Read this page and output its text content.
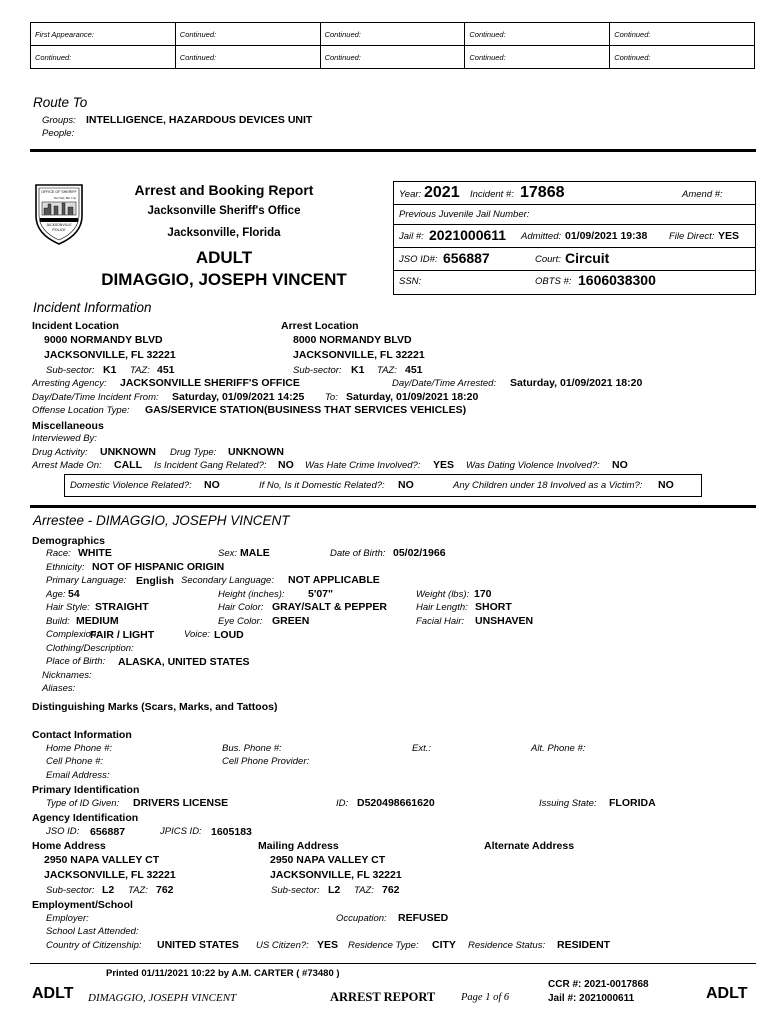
First Appearance:	Continued:	Continued:	Continued:	Continued:
Continued:	Continued:	Continued:	Continued:	Continued:
Route To
Groups: INTELLIGENCE, HAZARDOUS DEVICES UNIT
People:
OFFICE OF SHERIFF
Not Self, But City
JACKSONVILLE
POLICE
Arrest and Booking Report
Jacksonville Sheriff's Office
Jacksonville, Florida
ADULT
DIMAGGIO, JOSEPH VINCENT
Year: 2021 Incident #: 17868	Amend #:
Previous Juvenile Jail Number:
Jail #: 2021000611 Admitted: 01/09/2021 19:38 File Direct: YES
JSO ID#: 656887	Court: Circuit
SSN:	OBTS #: 1606038300
Incident Information
Incident Location
9000 NORMANDY BLVD
JACKSONVILLE, FL 32221
Arrest Location
8000 NORMANDY BLVD
JACKSONVILLE, FL 32221
Sub-sector: K1 TAZ: 451	Sub-sector: K1 TAZ: 451
Arresting Agency: JACKSONVILLE SHERIFF'S OFFICE	Day/Date/Time Arrested: Saturday, 01/09/2021 18:20
Day/Date/Time Incident From: Saturday, 01/09/2021 14:25 To: Saturday, 01/09/2021 18:20
Offense Location Type: GAS/SERVICE STATION(BUSINESS THAT SERVICES VEHICLES)
Miscellaneous
Interviewed By:
Drug Activity: UNKNOWN Drug Type: UNKNOWN
Arrest Made On: CALL Is Incident Gang Related?: NO Was Hate Crime Involved?: YES Was Dating Violence Involved?: NO
Domestic Violence Related?: NO	If No, Is it Domestic Related?: NO	Any Children under 18 Involved as a Victim?: NO
Arrestee - DIMAGGIO, JOSEPH VINCENT
Demographics
Race: WHITE	Sex: MALE	Date of Birth: 05/02/1966
Ethnicity: NOT OF HISPANIC ORIGIN
Primary Language: English Secondary Language: NOT APPLICABLE
Age: 54	Height (inches): 5'07"	Weight (lbs): 170
Hair Style: STRAIGHT	Hair Color: GRAY/SALT & PEPPER	Hair Length: SHORT
Build: MEDIUM	Eye Color: GREEN	Facial Hair: UNSHAVEN
Complexion:
FAIR / LIGHT	Voice: LOUD
Clothing/Description:
Place of Birth: ALASKA, UNITED STATES
Nicknames:
Aliases:
Distinguishing Marks (Scars, Marks, and Tattoos)
Contact Information
Home Phone #:	Bus. Phone #:	Ext.:	Alt. Phone #:
Cell Phone #:	Cell Phone Provider:
Email Address:
Primary Identification
Type of ID Given: DRIVERS LICENSE	ID: D520498661620	Issuing State: FLORIDA
Agency Identification
JSO ID: 656887	JPICS ID: 1605183
Home Address	Mailing Address	Alternate Address
2950 NAPA VALLEY CT	2950 NAPA VALLEY CT
JACKSONVILLE, FL 32221	JACKSONVILLE, FL 32221
Sub-sector: L2 TAZ: 762	Sub-sector: L2 TAZ: 762
Employment/School
Employer:	Occupation: REFUSED
School Last Attended:
Country of Citizenship: UNITED STATES US Citizen?: YES Residence Type: CITY Residence Status: RESIDENT
Printed 01/11/2021 10:22 by A.M. CARTER ( #73480 )
ADLT DIMAGGIO, JOSEPH VINCENT	ARREST REPORT Page 1 of 6
CCR #: 2021-0017868
Jail #: 2021000611	ADLT
